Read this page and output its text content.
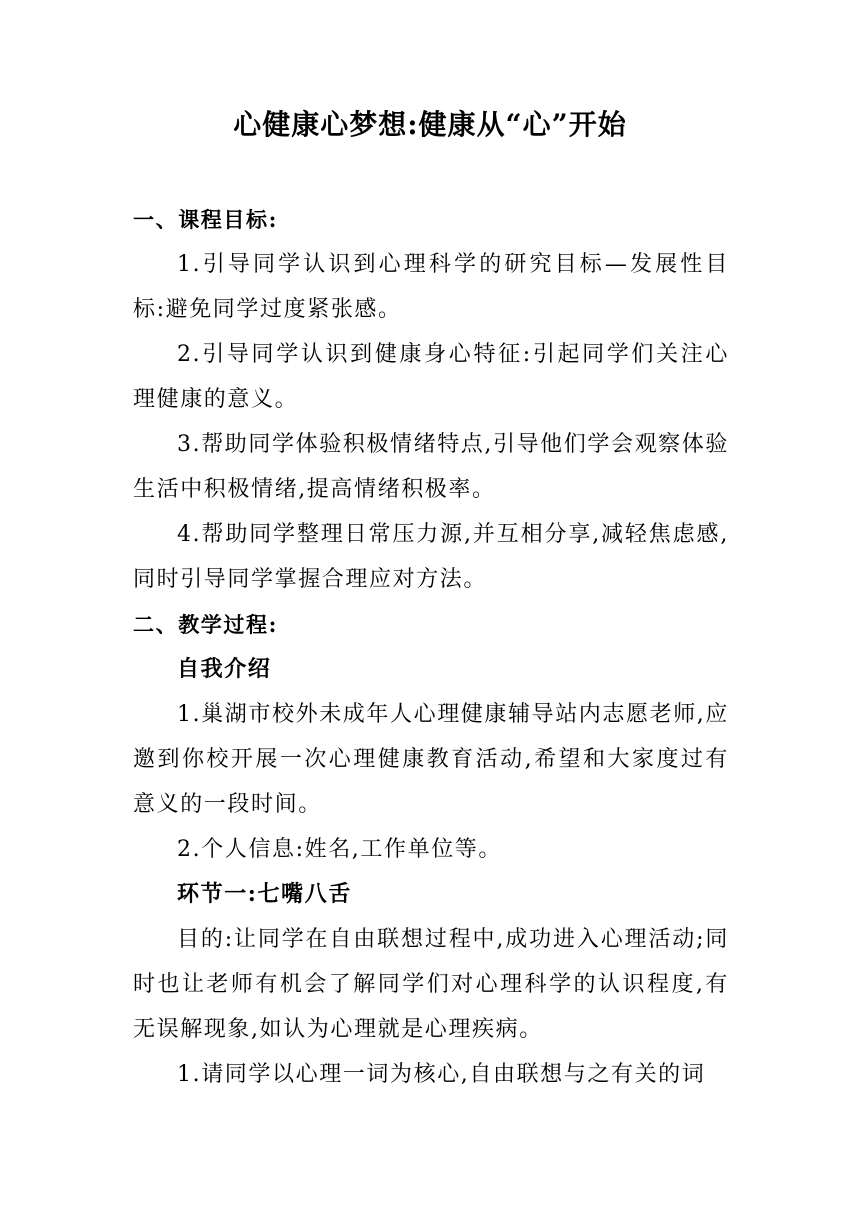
心健康心梦想:健康从“心”开始

一、课程目标:

1.引导同学认识到心理科学的研究目标—发展性目标:避免同学过度紧张感。

2.引导同学认识到健康身心特征:引起同学们关注心理健康的意义。

3.帮助同学体验积极情绪特点,引导他们学会观察体验生活中积极情绪,提高情绪积极率。

4.帮助同学整理日常压力源,并互相分享,减轻焦虑感,同时引导同学掌握合理应对方法。

二、教学过程:

自我介绍

1.巢湖市校外未成年人心理健康辅导站内志愿老师,应邀到你校开展一次心理健康教育活动,希望和大家度过有意义的一段时间。

2.个人信息:姓名,工作单位等。

环节一:七嘴八舌

目的:让同学在自由联想过程中,成功进入心理活动;同时也让老师有机会了解同学们对心理科学的认识程度,有无误解现象,如认为心理就是心理疾病。

1.请同学以心理一词为核心,自由联想与之有关的词
